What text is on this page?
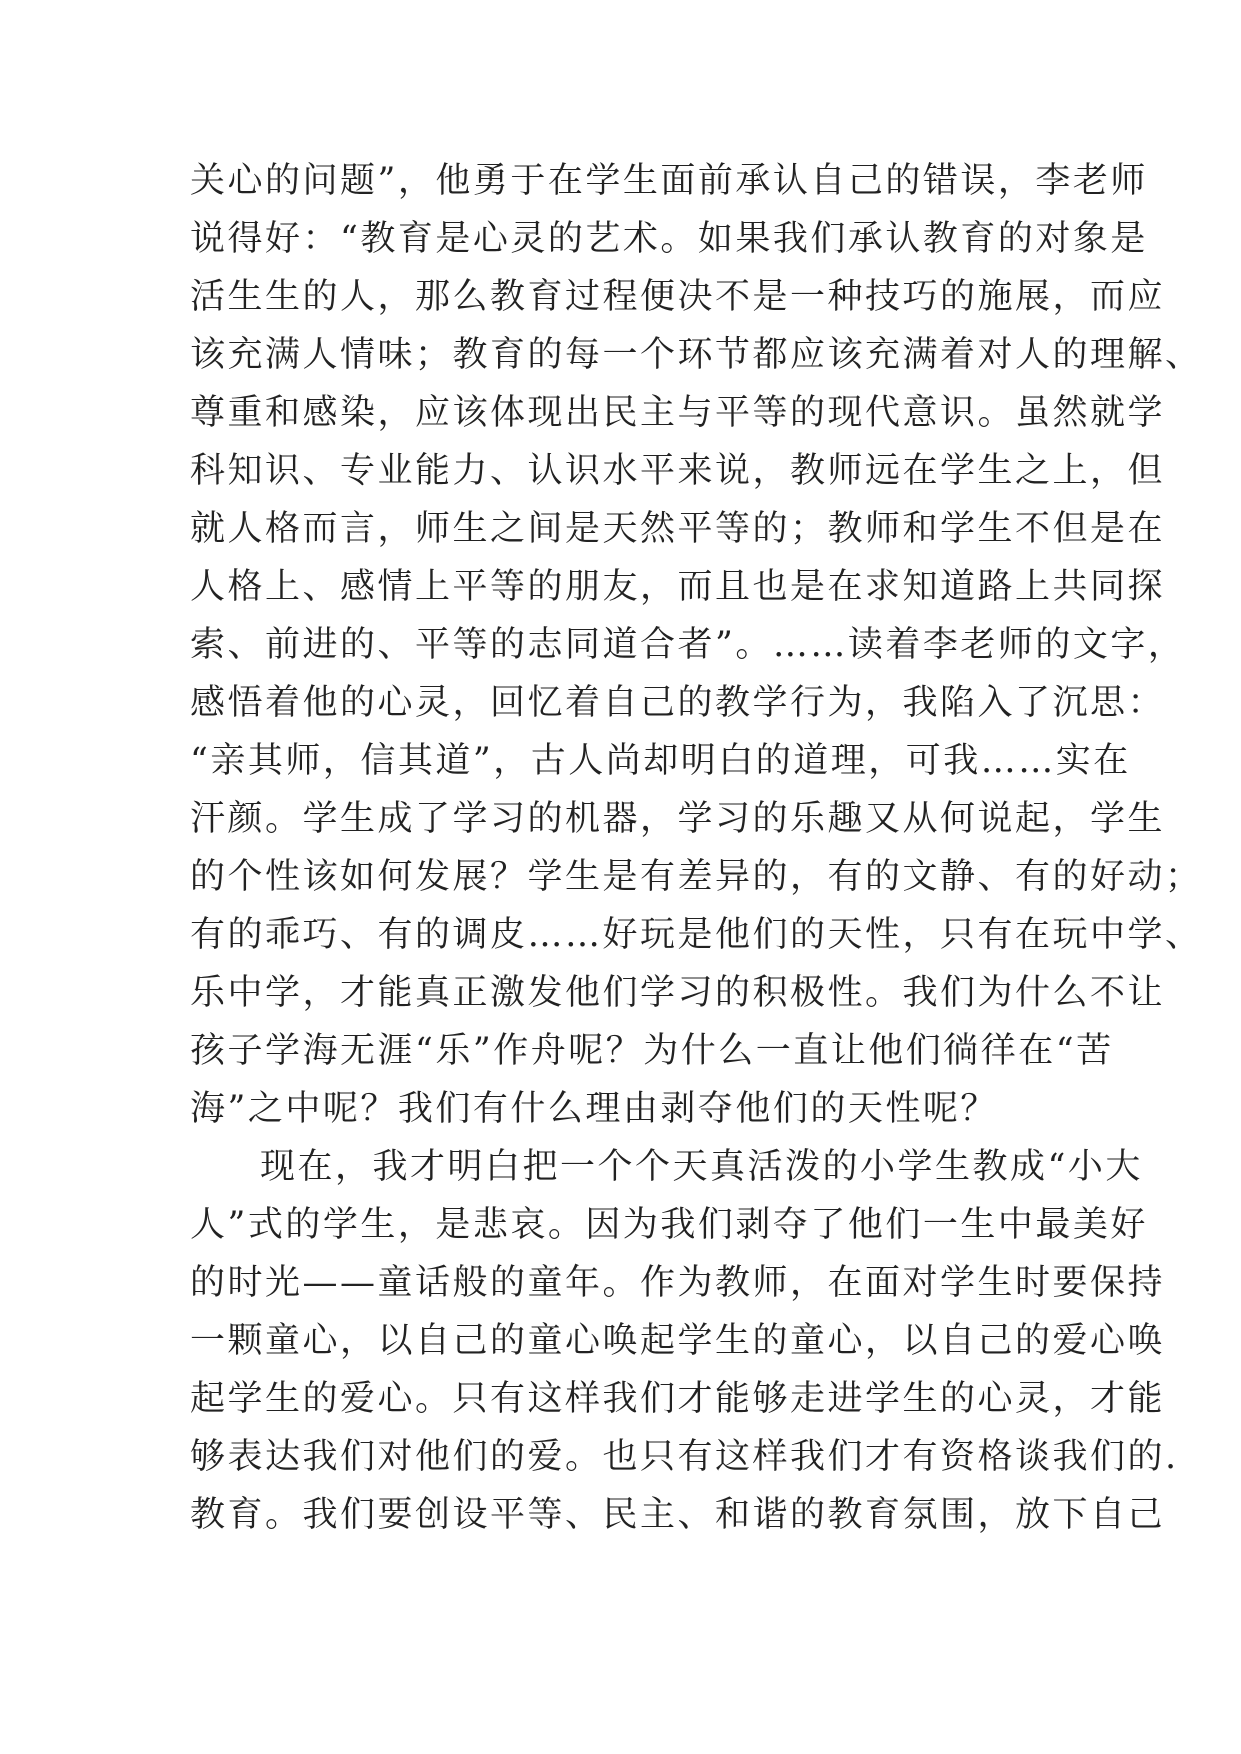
关心的问题”，他勇于在学生面前承认自己的错误，李老师
说得好：“教育是心灵的艺术。如果我们承认教育的对象是
活生生的人，那么教育过程便决不是一种技巧的施展，而应
该充满人情味；教育的每一个环节都应该充满着对人的理解、
尊重和感染，应该体现出民主与平等的现代意识。虽然就学
科知识、专业能力、认识水平来说，教师远在学生之上，但
就人格而言，师生之间是天然平等的；教师和学生不但是在
人格上、感情上平等的朋友，而且也是在求知道路上共同探
索、前进的、平等的志同道合者”。……读着李老师的文字，
感悟着他的心灵，回忆着自己的教学行为，我陷入了沉思：
“亲其师，信其道”，古人尚却明白的道理，可我……实在
汗颜。学生成了学习的机器，学习的乐趣又从何说起，学生
的个性该如何发展？学生是有差异的，有的文静、有的好动；
有的乖巧、有的调皮……好玩是他们的天性，只有在玩中学、
乐中学，才能真正激发他们学习的积极性。我们为什么不让
孩子学海无涯“乐”作舟呢？为什么一直让他们徜徉在“苦
海”之中呢？我们有什么理由剥夺他们的天性呢？
现在，我才明白把一个个天真活泼的小学生教成“小大
人”式的学生，是悲哀。因为我们剥夺了他们一生中最美好
的时光——童话般的童年。作为教师，在面对学生时要保持
一颗童心，以自己的童心唤起学生的童心，以自己的爱心唤
起学生的爱心。只有这样我们才能够走进学生的心灵，才能
够表达我们对他们的爱。也只有这样我们才有资格谈我们的.
教育。我们要创设平等、民主、和谐的教育氛围，放下自己
